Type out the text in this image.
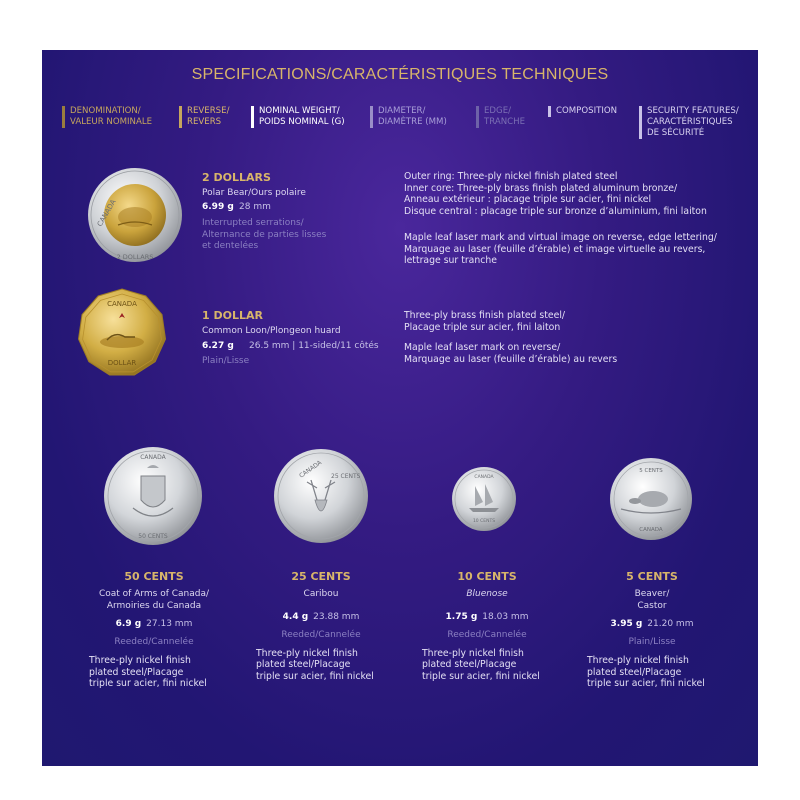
SPECIFICATIONS/CARACTÉRISTIQUES TECHNIQUES
DENOMINATION/
VALEUR NOMINALE
REVERSE/
REVERS
NOMINAL WEIGHT/
POIDS NOMINAL (G)
DIAMETER/
DIAMÈTRE (MM)
EDGE/
TRANCHE
COMPOSITION	SECURITY FEATURES/
CARACTÉRISTIQUES
DE SÉCURITÉ
CANADA
2 DOLLARS
2 DOLLARS
Polar Bear/Ours polaire
6.99 g 28 mm
Interrupted serrations/
Alternance de parties lisses
et dentelées
Outer ring: Three-ply nickel finish plated steel
Inner core: Three-ply brass finish plated aluminum bronze/
Anneau extérieur : placage triple sur acier, fini nickel
Disque central : placage triple sur bronze d’aluminium, fini laiton
Maple leaf laser mark and virtual image on reverse, edge lettering/
Marquage au laser (feuille d’érable) et image virtuelle au revers,
lettrage sur tranche
CANADA
DOLLAR
1 DOLLAR
Common Loon/Plongeon huard
6.27 g 26.5 mm | 11-sided/11 côtés
Plain/Lisse
Three-ply brass finish plated steel/
Placage triple sur acier, fini laiton
Maple leaf laser mark on reverse/
Marquage au laser (feuille d’érable) au revers
CANADA
50 CENTS
CANADA 25 CENTS	CANADA
10 CENTS
5 CENTS
CANADA
50 CENTS
Coat of Arms of Canada/
Armoiries du Canada
6.9 g 27.13 mm
Reeded/Cannelée
Three-ply nickel finish
plated steel/Placage
triple sur acier, fini nickel
25 CENTS
Caribou
4.4 g 23.88 mm
Reeded/Cannelée
Three-ply nickel finish
plated steel/Placage
triple sur acier, fini nickel
10 CENTS
Bluenose
1.75 g 18.03 mm
Reeded/Cannelée
Three-ply nickel finish
plated steel/Placage
triple sur acier, fini nickel
5 CENTS
Beaver/
Castor
3.95 g 21.20 mm
Plain/Lisse
Three-ply nickel finish
plated steel/Placage
triple sur acier, fini nickel
